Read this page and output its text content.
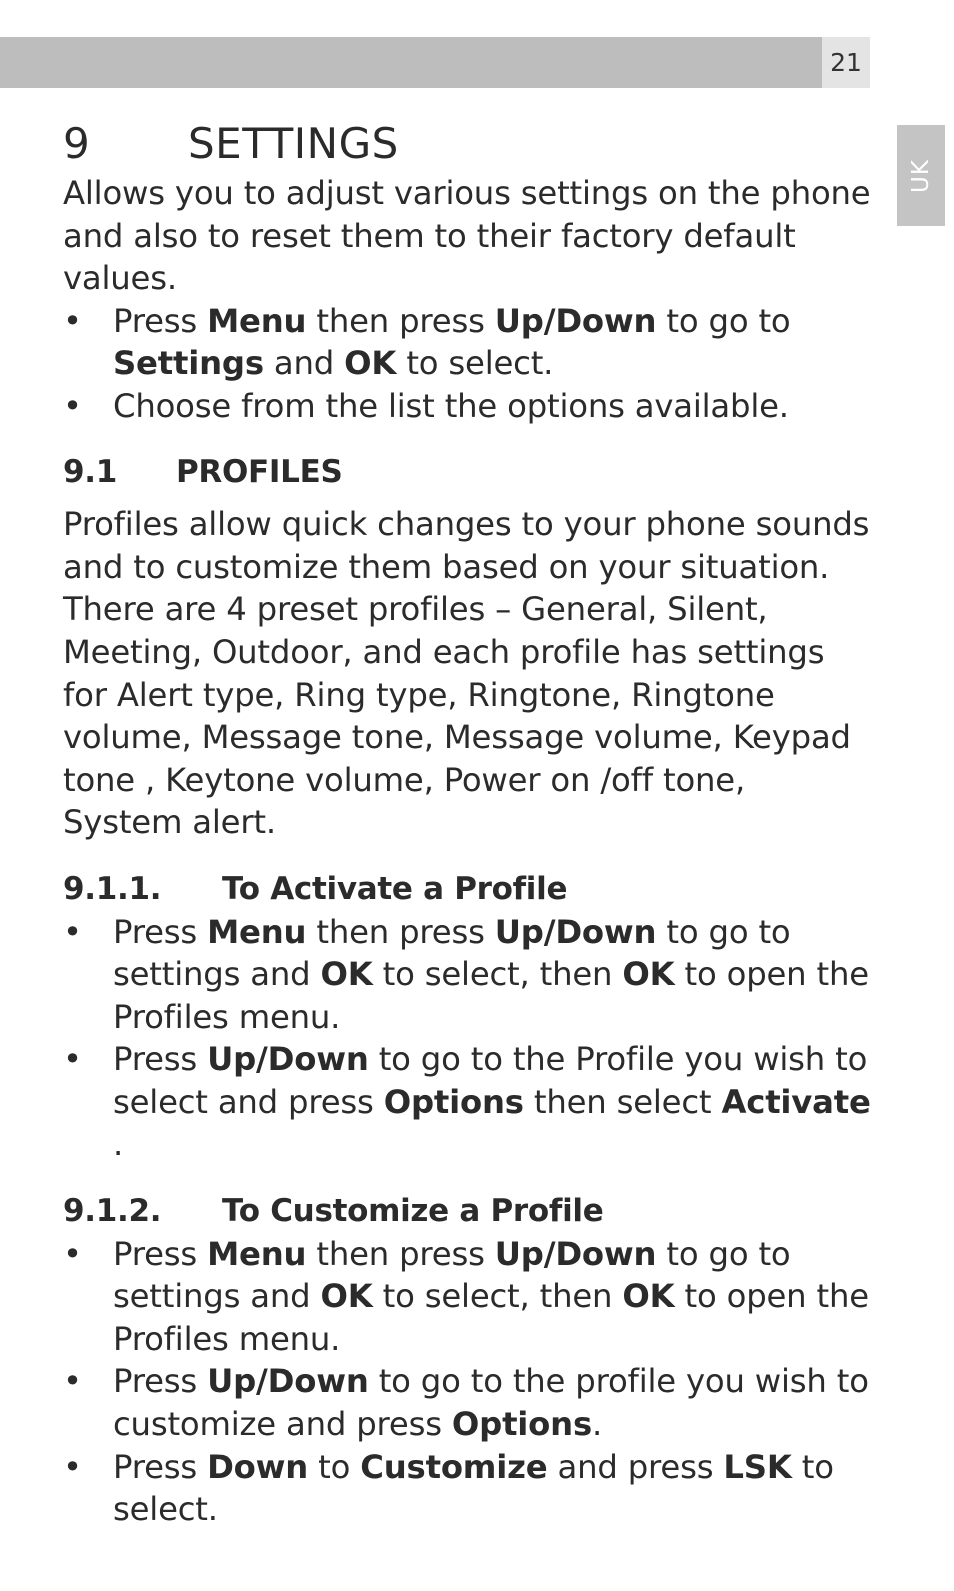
21
UK
9 SETTINGS

Allows you to adjust various settings on the phone and also to reset them to their factory default values.

• Press Menu then press Up/Down to go to Settings and OK to select.
• Choose from the list the options available.
9.1 PROFILES

Profiles allow quick changes to your phone sounds and to customize them based on your situation. There are 4 preset profiles – General, Silent, Meeting, Outdoor, and each profile has settings for Alert type, Ring type, Ringtone, Ringtone volume, Message tone, Message volume, Keypad tone , Keytone volume, Power on /off tone, System alert.

9.1.1. To Activate a Profile
• Press Menu then press Up/Down to go to settings and OK to select, then OK to open the Profiles menu.
• Press Up/Down to go to the Profile you wish to select and press Options then select Activate .
9.1.2. To Customize a Profile
• Press Menu then press Up/Down to go to settings and OK to select, then OK to open the Profiles menu.
• Press Up/Down to go to the profile you wish to customize and press Options.
• Press Down to Customize and press LSK to select.
